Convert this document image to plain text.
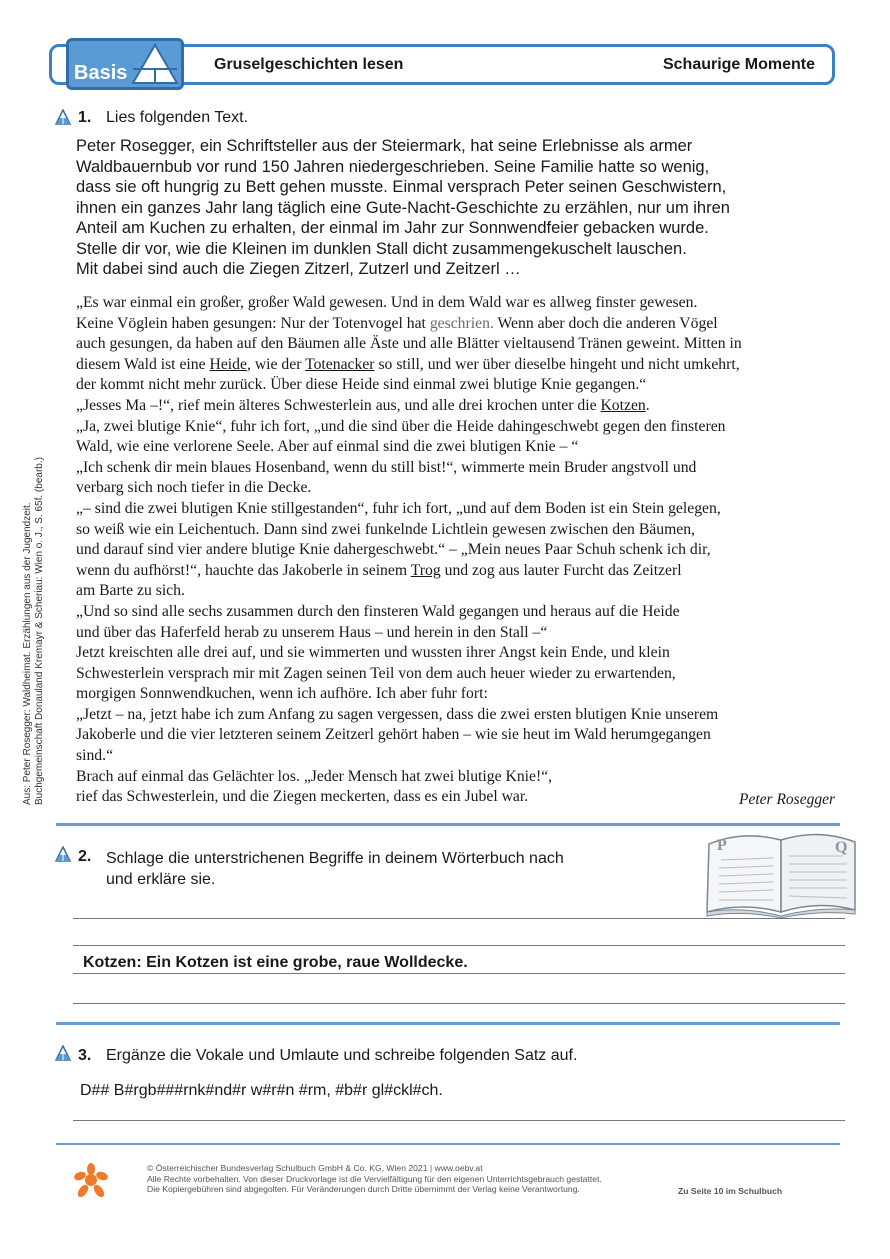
Basis	Gruselgeschichten lesen	Schaurige Momente
1. Lies folgenden Text.

Peter Rosegger, ein Schriftsteller aus der Steiermark, hat seine Erlebnisse als armer

Waldbauernbub vor rund 150 Jahren niedergeschrieben. Seine Familie hatte so wenig,

dass sie oft hungrig zu Bett gehen musste. Einmal versprach Peter seinen Geschwistern,

ihnen ein ganzes Jahr lang täglich eine Gute-Nacht-Geschichte zu erzählen, nur um ihren

Anteil am Kuchen zu erhalten, der einmal im Jahr zur Sonnwendfeier gebacken wurde.

Stelle dir vor, wie die Kleinen im dunklen Stall dicht zusammengekuschelt lauschen.

Mit dabei sind auch die Ziegen Zitzerl, Zutzerl und Zeitzerl …

„Es war einmal ein großer, großer Wald gewesen. Und in dem Wald war es allweg finster gewesen.

Keine Vöglein haben gesungen: Nur der Totenvogel hat geschrien. Wenn aber doch die anderen Vögel

auch gesungen, da haben auf den Bäumen alle Äste und alle Blätter vieltausend Tränen geweint. Mitten in

diesem Wald ist eine Heide, wie der Totenacker so still, und wer über dieselbe hingeht und nicht umkehrt,

der kommt nicht mehr zurück. Über diese Heide sind einmal zwei blutige Knie gegangen.“

„Jesses Ma –!“, rief mein älteres Schwesterlein aus, und alle drei krochen unter die Kotzen.

„Ja, zwei blutige Knie“, fuhr ich fort, „und die sind über die Heide dahingeschwebt gegen den finsteren

Wald, wie eine verlorene Seele. Aber auf einmal sind die zwei blutigen Knie – “

„Ich schenk dir mein blaues Hosenband, wenn du still bist!“, wimmerte mein Bruder angstvoll und

verbarg sich noch tiefer in die Decke.

„– sind die zwei blutigen Knie stillgestanden“, fuhr ich fort, „und auf dem Boden ist ein Stein gelegen,

so weiß wie ein Leichentuch. Dann sind zwei funkelnde Lichtlein gewesen zwischen den Bäumen,

und darauf sind vier andere blutige Knie dahergeschwebt.“ – „Mein neues Paar Schuh schenk ich dir,

wenn du aufhörst!“, hauchte das Jakoberle in seinem Trog und zog aus lauter Furcht das Zeitzerl

am Barte zu sich.

„Und so sind alle sechs zusammen durch den finsteren Wald gegangen und heraus auf die Heide

und über das Haferfeld herab zu unserem Haus – und herein in den Stall –“

Jetzt kreischten alle drei auf, und sie wimmerten und wussten ihrer Angst kein Ende, und klein

Schwesterlein versprach mir mit Zagen seinen Teil von dem auch heuer wieder zu erwartenden,

morgigen Sonnwendkuchen, wenn ich aufhöre. Ich aber fuhr fort:

„Jetzt – na, jetzt habe ich zum Anfang zu sagen vergessen, dass die zwei ersten blutigen Knie unserem

Jakoberle und die vier letzteren seinem Zeitzerl gehört haben – wie sie heut im Wald herumgegangen

sind.“

Brach auf einmal das Gelächter los. „Jeder Mensch hat zwei blutige Knie!“,

rief das Schwesterlein, und die Ziegen meckerten, dass es ein Jubel war.	Peter Rosegger
Aus: Peter Rosegger: Waldheimat. Erzählungen aus der Jugendzeit. Buchgemeinschaft Donauland Kremayr & Scheriau: Wien o. J., S. 65f. (bearb.)
2. Schlage die unterstrichenen Begriffe in deinem Wörterbuch nach
und erkläre sie.
P	Q
Kotzen: Ein Kotzen ist eine grobe, raue Wolldecke.
3. Ergänze die Vokale und Umlaute und schreibe folgenden Satz auf.
D## B#rgb###rnk#nd#r w#r#n #rm, #b#r gl#ckl#ch.
© Österreichischer Bundesverlag Schulbuch GmbH & Co. KG, Wien 2021 | www.oebv.at
Alle Rechte vorbehalten. Von dieser Druckvorlage ist die Vervielfältigung für den eigenen Unterrichtsgebrauch gestattet.
Die Kopiergebühren sind abgegolten. Für Veränderungen durch Dritte übernimmt der Verlag keine Verantwortung.	Zu Seite 10 im Schulbuch
